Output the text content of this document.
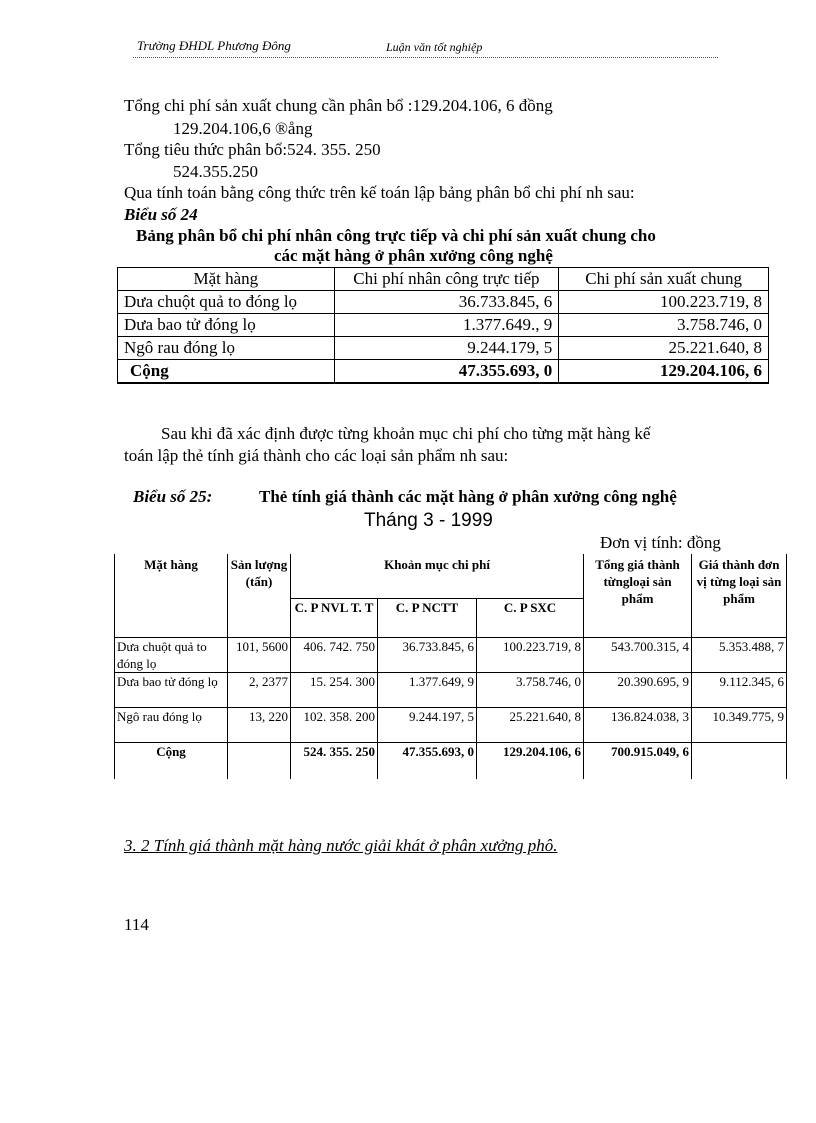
Trường ĐHDL Phương Đông	Luận văn tốt nghiệp
Tổng chi phí sản xuất chung cần phân bổ :129.204.106, 6 đồng
129.204.106,6 ®ång
Tổng tiêu thức phân bổ:524. 355. 250
524.355.250
Qua tính toán bằng công thức trên kế toán lập bảng phân bổ chi phí nh sau:
Biểu số 24
Bảng phân bổ chi phí nhân công trực tiếp và chi phí sản xuất chung cho
các mặt hàng ở phân xưởng công nghệ
Mặt hàng	Chi phí nhân công trực tiếp	Chi phí sản xuất chung
Dưa chuột quả to đóng lọ	36.733.845, 6	100.223.719, 8
Dưa bao tử đóng lọ	1.377.649., 9	3.758.746, 0
Ngô rau đóng lọ	9.244.179, 5	25.221.640, 8
Cộng	47.355.693, 0	129.204.106, 6
Sau khi đã xác định được từng khoản mục chi phí cho từng mặt hàng kế
toán lập thẻ tính giá thành cho các loại sản phẩm nh sau:
Biểu số 25:	Thẻ tính giá thành các mặt hàng ở phân xưởng công nghệ
Tháng 3 - 1999
Đơn vị tính: đồng
Mặt hàng	Sản lượng (tấn)	Khoản mục chi phí			Tổng giá thành từngloại sản phẩm	Giá thành đơn vị từng loại sản phẩm
		C. P NVL T. T	C. P NCTT	C. P SXC		
Dưa chuột quả to đóng lọ	101, 5600	406. 742. 750	36.733.845, 6	100.223.719, 8	543.700.315, 4	5.353.488, 7
Dưa bao tử đóng lọ	2, 2377	15. 254. 300	1.377.649, 9	3.758.746, 0	20.390.695, 9	9.112.345, 6
Ngô rau đóng lọ	13, 220	102. 358. 200	9.244.197, 5	25.221.640, 8	136.824.038, 3	10.349.775, 9
Cộng		524. 355. 250	47.355.693, 0	129.204.106, 6	700.915.049, 6	
3. 2 Tính giá thành mặt hàng nước giải khát ở phân xưởng phô.
114
